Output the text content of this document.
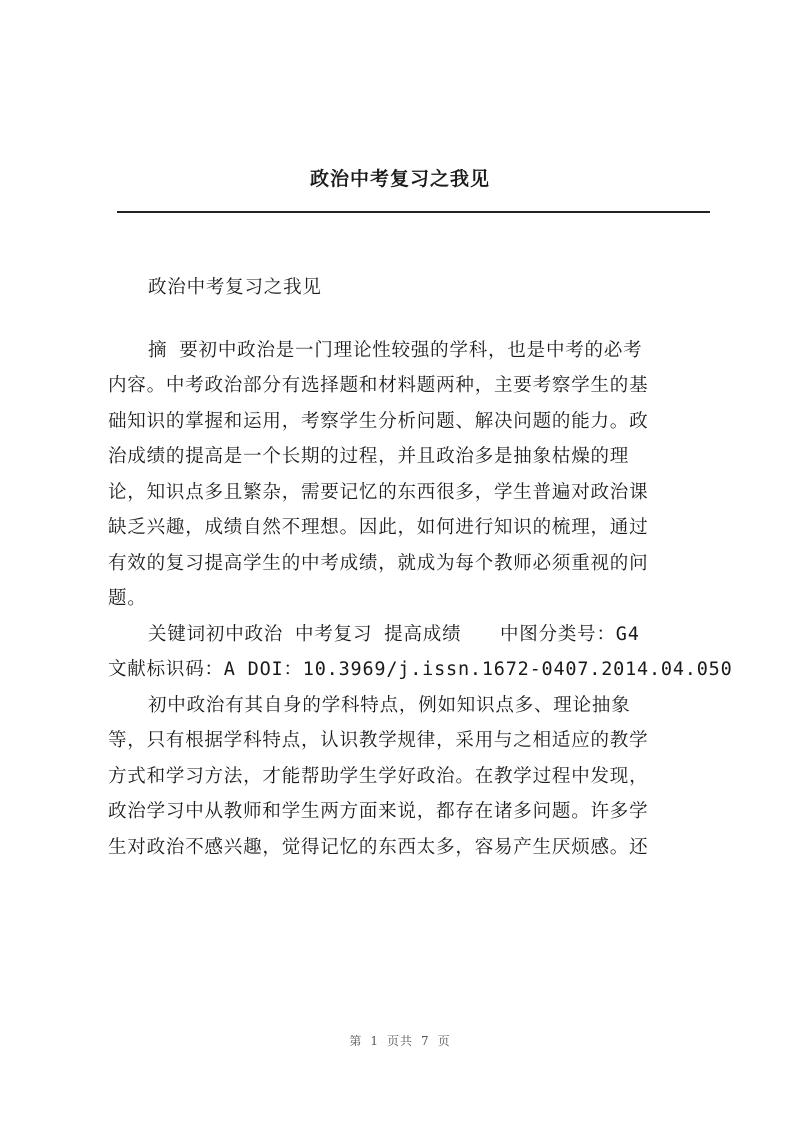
政治中考复习之我见
政治中考复习之我见
摘 要初中政治是一门理论性较强的学科，也是中考的必考
内容。中考政治部分有选择题和材料题两种，主要考察学生的基
础知识的掌握和运用，考察学生分析问题、解决问题的能力。政
治成绩的提高是一个长期的过程，并且政治多是抽象枯燥的理
论，知识点多且繁杂，需要记忆的东西很多，学生普遍对政治课
缺乏兴趣，成绩自然不理想。因此，如何进行知识的梳理，通过
有效的复习提高学生的中考成绩，就成为每个教师必须重视的问
题。
关键词初中政治 中考复习 提高成绩　　中图分类号：G4
文献标识码：A DOI：10.3969/j.issn.1672-0407.2014.04.050
初中政治有其自身的学科特点，例如知识点多、理论抽象
等，只有根据学科特点，认识教学规律，采用与之相适应的教学
方式和学习方法，才能帮助学生学好政治。在教学过程中发现，
政治学习中从教师和学生两方面来说，都存在诸多问题。许多学
生对政治不感兴趣，觉得记忆的东西太多，容易产生厌烦感。还
第 1 页共 7 页
